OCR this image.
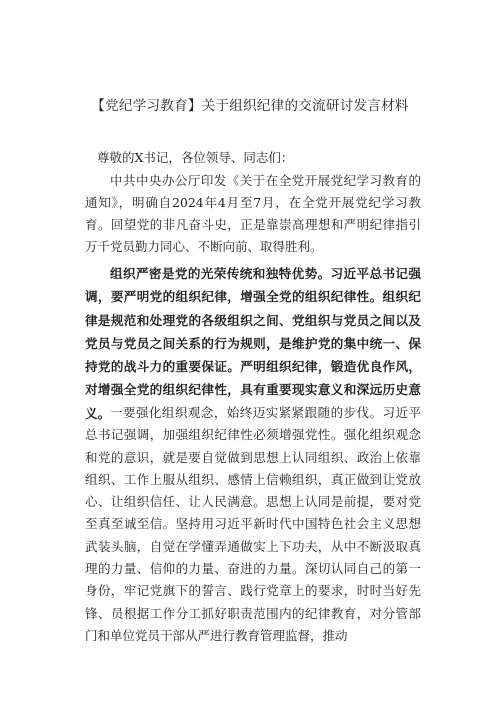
【党纪学习教育】关于组织纪律的交流研讨发言材料

尊敬的X书记，各位领导、同志们：

中共中央办公厅印发《关于在全党开展党纪学习教育的通知》，明确自2024年4月至7月，在全党开展党纪学习教育。回望党的非凡奋斗史，正是靠崇高理想和严明纪律指引万千党员勤力同心、不断向前、取得胜利。

组织严密是党的光荣传统和独特优势。习近平总书记强调，要严明党的组织纪律，增强全党的组织纪律性。组织纪律是规范和处理党的各级组织之间、党组织与党员之间以及党员与党员之间关系的行为规则，是维护党的集中统一、保持党的战斗力的重要保证。严明组织纪律，锻造优良作风，对增强全党的组织纪律性，具有重要现实意义和深远历史意义。 一要强化组织观念，始终迈实紧紧跟随的步伐。习近平总书记强调，加强组织纪律性必须增强党性。强化组织观念和党的意识，就是要自觉做到思想上认同组织、政治上依靠组织、工作上服从组织、感情上信赖组织，真正做到让党放心、让组织信任、让人民满意。思想上认同是前提，要对党至真至诚至信。坚持用习近平新时代中国特色社会主义思想武装头脑，自觉在学懂弄通做实上下功夫，从中不断汲取真理的力量、信仰的力量、奋进的力量。深切认同自己的第一身份，牢记党旗下的誓言、践行党章上的要求，时时当好先锋、员根据工作分工抓好职责范围内的纪律教育，对分管部门和单位党员干部从严进行教育管理监督，推动
